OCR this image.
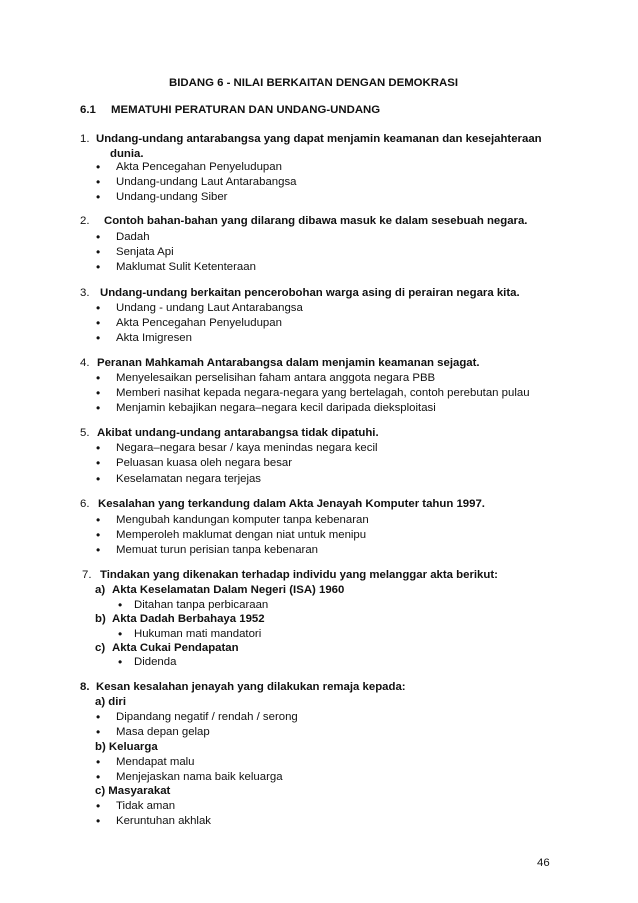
BIDANG 6 - NILAI BERKAITAN DENGAN DEMOKRASI
6.1 MEMATUHI PERATURAN DAN UNDANG-UNDANG
1. Undang-undang antarabangsa yang dapat menjamin keamanan dan kesejahteraan
dunia.
• Akta Pencegahan Penyeludupan
• Undang-undang Laut Antarabangsa
• Undang-undang Siber
2. Contoh bahan-bahan yang dilarang dibawa masuk ke dalam sesebuah negara.
• Dadah
• Senjata Api
• Maklumat Sulit Ketenteraan
3. Undang-undang berkaitan pencerobohan warga asing di perairan negara kita.
• Undang - undang Laut Antarabangsa
• Akta Pencegahan Penyeludupan
• Akta Imigresen
4. Peranan Mahkamah Antarabangsa dalam menjamin keamanan sejagat.
• Menyelesaikan perselisihan faham antara anggota negara PBB
• Memberi nasihat kepada negara-negara yang bertelagah, contoh perebutan pulau
• Menjamin kebajikan negara–negara kecil daripada dieksploitasi
5. Akibat undang-undang antarabangsa tidak dipatuhi.
• Negara–negara besar / kaya menindas negara kecil
• Peluasan kuasa oleh negara besar
• Keselamatan negara terjejas
6. Kesalahan yang terkandung dalam Akta Jenayah Komputer tahun 1997.
• Mengubah kandungan komputer tanpa kebenaran
• Memperoleh maklumat dengan niat untuk menipu
• Memuat turun perisian tanpa kebenaran
7. Tindakan yang dikenakan terhadap individu yang melanggar akta berikut:
a) Akta Keselamatan Dalam Negeri (ISA) 1960
• Ditahan tanpa perbicaraan
b) Akta Dadah Berbahaya 1952
• Hukuman mati mandatori
c) Akta Cukai Pendapatan
• Didenda
8. Kesan kesalahan jenayah yang dilakukan remaja kepada:
a) diri
• Dipandang negatif / rendah / serong
• Masa depan gelap
b) Keluarga
• Mendapat malu
• Menjejaskan nama baik keluarga
c) Masyarakat
• Tidak aman
• Keruntuhan akhlak
46
